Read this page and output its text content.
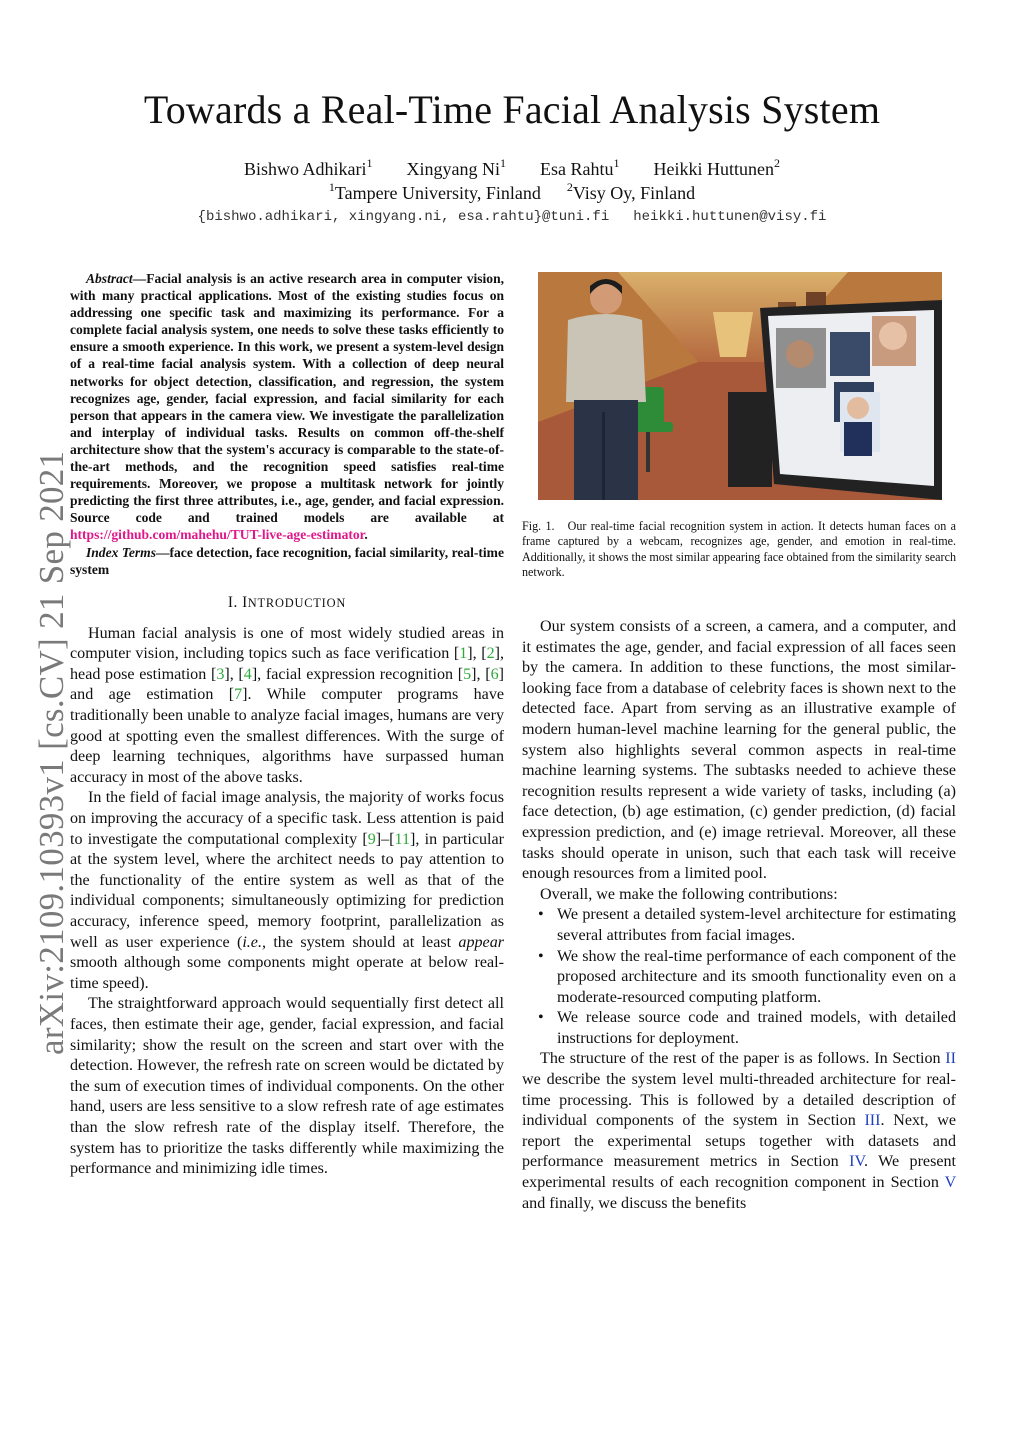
Towards a Real-Time Facial Analysis System
Bishwo Adhikari$^1$ Xingyang Ni$^1$ Esa Rahtu$^1$ Heikki Huttunen$^2$
$^1$Tampere University, Finland $^2$Visy Oy, Finland
{bishwo.adhikari, xingyang.ni, esa.rahtu}@tuni.fi heikki.huttunen@visy.fi
arXiv:2109.10393v1 [cs.CV] 21 Sep 2021

Abstract—Facial analysis is an active research area in computer vision, with many practical applications. Most of the existing studies focus on addressing one specific task and maximizing its performance. For a complete facial analysis system, one needs to solve these tasks efficiently to ensure a smooth experience. In this work, we present a system-level design of a real-time facial analysis system. With a collection of deep neural networks for object detection, classification, and regression, the system recognizes age, gender, facial expression, and facial similarity for each person that appears in the camera view. We investigate the parallelization and interplay of individual tasks. Results on common off-the-shelf architecture show that the system's accuracy is comparable to the state-of-the-art methods, and the recognition speed satisfies real-time requirements. Moreover, we propose a multitask network for jointly predicting the first three attributes, i.e., age, gender, and facial expression. Source code and trained models are available at https://github.com/mahehu/TUT-live-age-estimator.

Index Terms—face detection, face recognition, facial similarity, real-time system

I. INTRODUCTION

Human facial analysis is one of most widely studied areas in computer vision, including topics such as face verification [1], [2], head pose estimation [3], [4], facial expression recognition [5], [6] and age estimation [7]. While computer programs have traditionally been unable to analyze facial images, humans are very good at spotting even the smallest differences. With the surge of deep learning techniques, algorithms have surpassed human accuracy in most of the above tasks.

In the field of facial image analysis, the majority of works focus on improving the accuracy of a specific task. Less attention is paid to investigate the computational complexity [9]–[11], in particular at the system level, where the architect needs to pay attention to the functionality of the entire system as well as that of the individual components; simultaneously optimizing for prediction accuracy, inference speed, memory footprint, parallelization as well as user experience (i.e., the system should at least appear smooth although some components might operate at below real-time speed).

The straightforward approach would sequentially first detect all faces, then estimate their age, gender, facial expression, and facial similarity; show the result on the screen and start over with the detection. However, the refresh rate on screen would be dictated by the sum of execution times of individual components. On the other hand, users are less sensitive to a slow refresh rate of age estimates than the slow refresh rate of the display itself. Therefore, the system has to prioritize the tasks differently while maximizing the performance and minimizing idle times.

Fig. 1. Our real-time facial recognition system in action. It detects human faces on a frame captured by a webcam, recognizes age, gender, and emotion in real-time. Additionally, it shows the most similar appearing face obtained from the similarity search network.

Our system consists of a screen, a camera, and a computer, and it estimates the age, gender, and facial expression of all faces seen by the camera. In addition to these functions, the most similar-looking face from a database of celebrity faces is shown next to the detected face. Apart from serving as an illustrative example of modern human-level machine learning for the general public, the system also highlights several common aspects in real-time machine learning systems. The subtasks needed to achieve these recognition results represent a wide variety of tasks, including (a) face detection, (b) age estimation, (c) gender prediction, (d) facial expression prediction, and (e) image retrieval. Moreover, all these tasks should operate in unison, such that each task will receive enough resources from a limited pool.

Overall, we make the following contributions:

• We present a detailed system-level architecture for estimating several attributes from facial images.
• We show the real-time performance of each component of the proposed architecture and its smooth functionality even on a moderate-resourced computing platform.
• We release source code and trained models, with detailed instructions for deployment.

The structure of the rest of the paper is as follows. In Section II we describe the system level multi-threaded architecture for real-time processing. This is followed by a detailed description of individual components of the system in Section III. Next, we report the experimental setups together with datasets and performance measurement metrics in Section IV. We present experimental results of each recognition component in Section V and finally, we discuss the benefits
